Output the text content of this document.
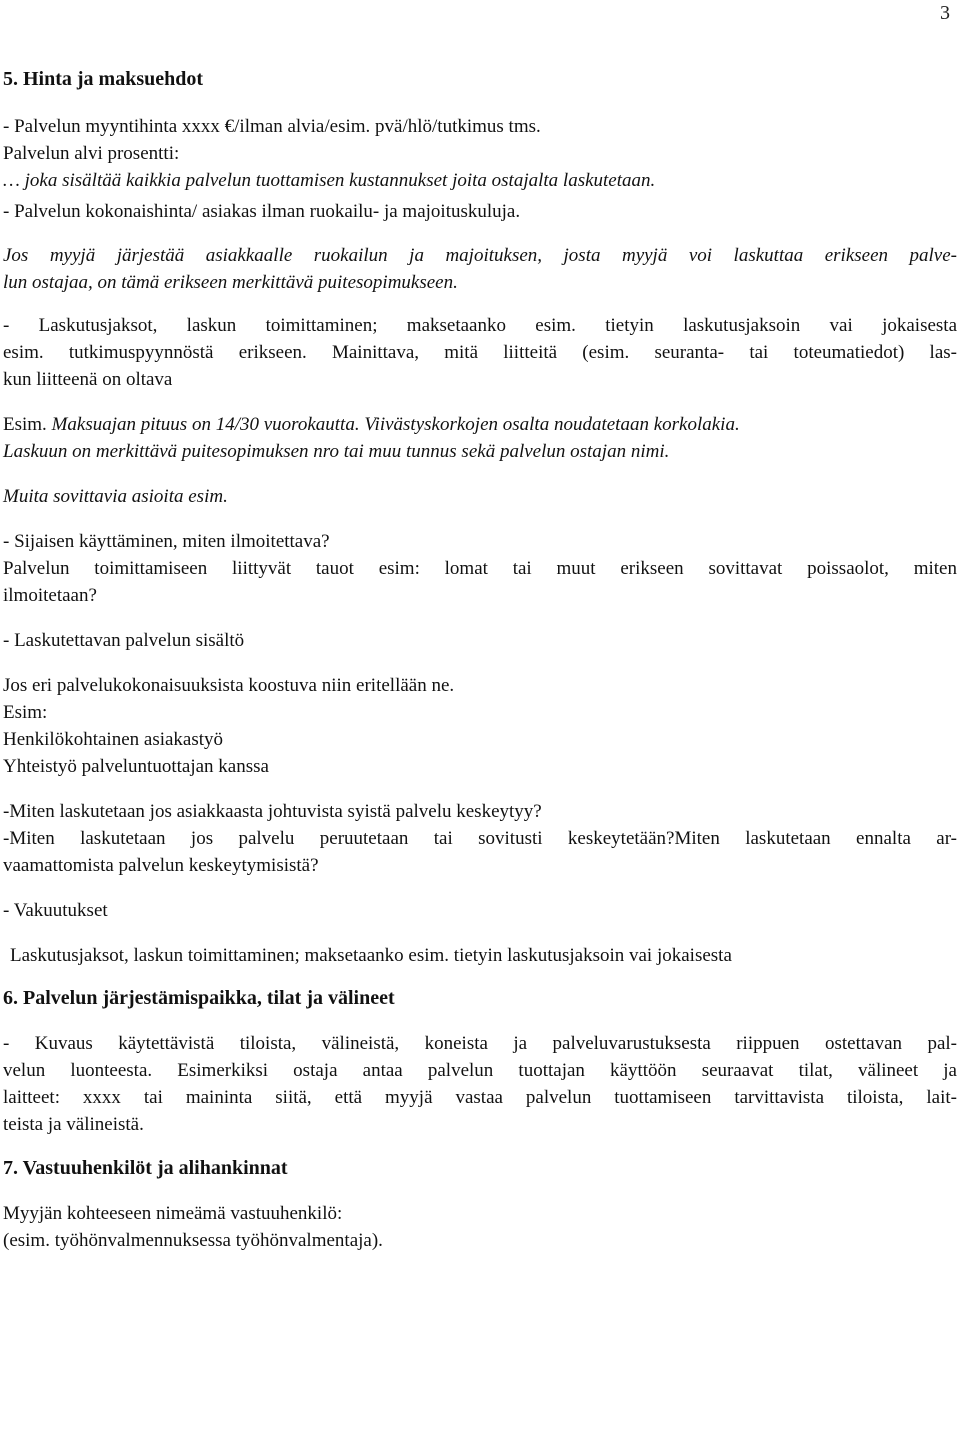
3
5. Hinta ja maksuehdot
- Palvelun myyntihinta xxxx €/ilman alvia/esim. pvä/hlö/tutkimus tms.
Palvelun alvi prosentti:
… joka sisältää kaikkia palvelun tuottamisen kustannukset joita ostajalta laskutetaan.
- Palvelun kokonaishinta/ asiakas ilman ruokailu- ja majoituskuluja.
Jos myyjä järjestää asiakkaalle ruokailun ja majoituksen, josta myyjä voi laskuttaa erikseen palve-
lun ostajaa, on tämä erikseen merkittävä puitesopimukseen.
- Laskutusjaksot, laskun toimittaminen; maksetaanko esim. tietyin laskutusjaksoin vai jokaisesta
esim. tutkimuspyynnöstä erikseen. Mainittava, mitä liitteitä (esim. seuranta- tai toteumatiedot) las-
kun liitteenä on oltava
Esim. Maksuajan pituus on 14/30 vuorokautta. Viivästyskorkojen osalta noudatetaan korkolakia.
Laskuun on merkittävä puitesopimuksen nro tai muu tunnus sekä palvelun ostajan nimi.
Muita sovittavia asioita esim.
- Sijaisen käyttäminen, miten ilmoitettava?
Palvelun toimittamiseen liittyvät tauot esim: lomat tai muut erikseen sovittavat poissaolot, miten
ilmoitetaan?
- Laskutettavan palvelun sisältö
Jos eri palvelukokonaisuuksista koostuva niin eritellään ne.
Esim:
Henkilökohtainen asiakastyö
Yhteistyö palveluntuottajan kanssa
-Miten laskutetaan jos asiakkaasta johtuvista syistä palvelu keskeytyy?
-Miten laskutetaan jos palvelu peruutetaan tai sovitusti keskeytetään?Miten laskutetaan ennalta ar-
vaamattomista palvelun keskeytymisistä?
- Vakuutukset
Laskutusjaksot, laskun toimittaminen; maksetaanko esim. tietyin laskutusjaksoin vai jokaisesta
6. Palvelun järjestämispaikka, tilat ja välineet
- Kuvaus käytettävistä tiloista, välineistä, koneista ja palveluvarustuksesta riippuen ostettavan pal-
velun luonteesta. Esimerkiksi ostaja antaa palvelun tuottajan käyttöön seuraavat tilat, välineet ja
laitteet: xxxx tai maininta siitä, että myyjä vastaa palvelun tuottamiseen tarvittavista tiloista, lait-
teista ja välineistä.
7. Vastuuhenkilöt ja alihankinnat
Myyjän kohteeseen nimeämä vastuuhenkilö:
(esim. työhönvalmennuksessa työhönvalmentaja).
